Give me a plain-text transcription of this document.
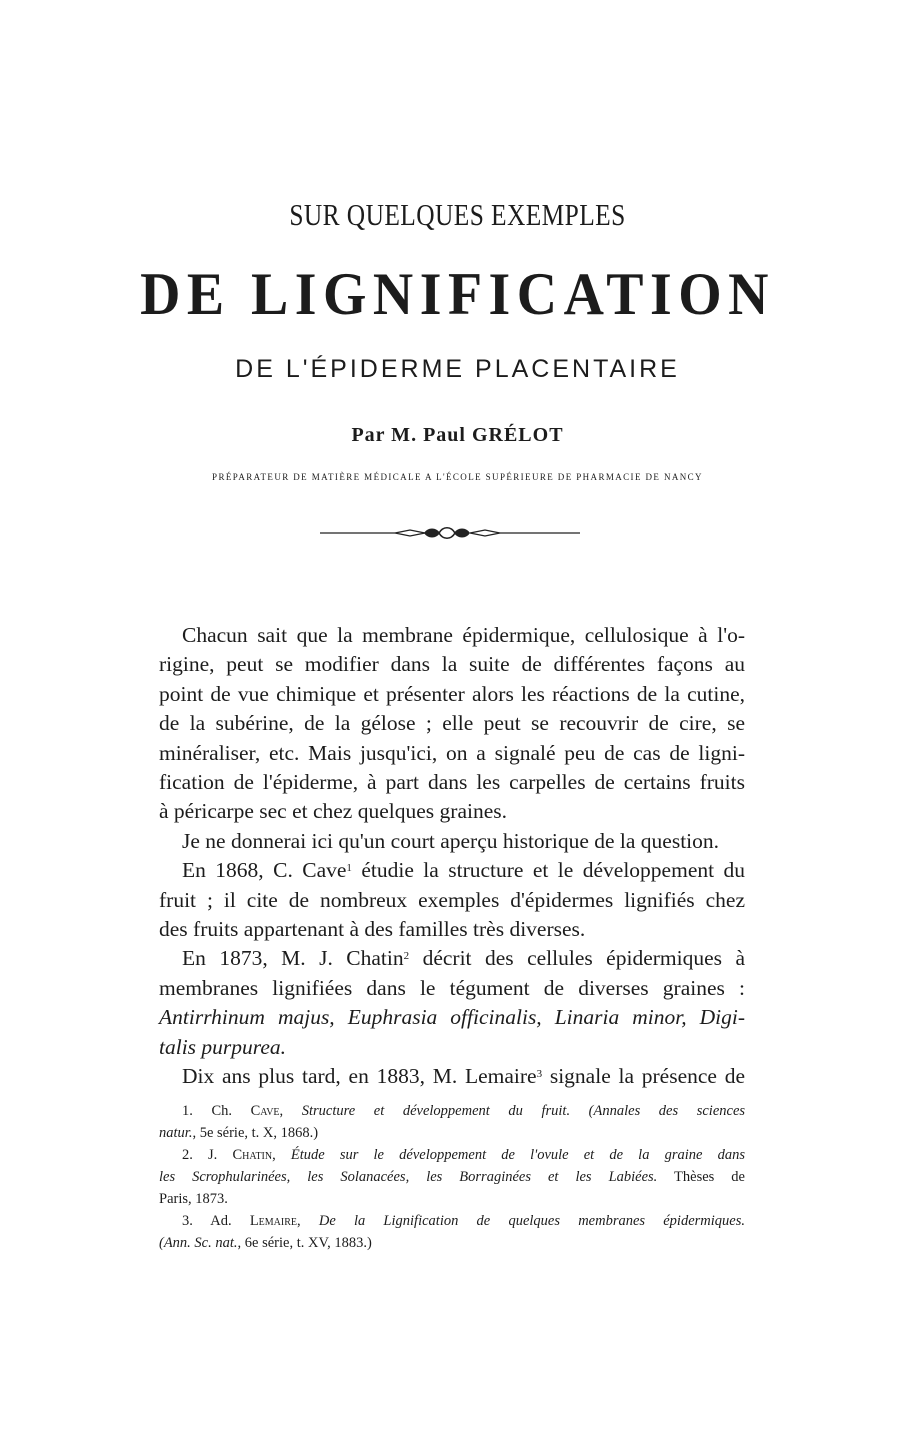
SUR QUELQUES EXEMPLES
DE LIGNIFICATION
DE L'ÉPIDERME PLACENTAIRE
Par M. Paul GRÉLOT
PRÉPARATEUR DE MATIÈRE MÉDICALE A L'ÉCOLE SUPÉRIEURE DE PHARMACIE DE NANCY

Chacun sait que la membrane épidermique, cellulosique à l'o-

rigine, peut se modifier dans la suite de différentes façons au

point de vue chimique et présenter alors les réactions de la cutine,

de la subérine, de la gélose ; elle peut se recouvrir de cire, se

minéraliser, etc. Mais jusqu'ici, on a signalé peu de cas de ligni-

fication de l'épiderme, à part dans les carpelles de certains fruits

à péricarpe sec et chez quelques graines.

Je ne donnerai ici qu'un court aperçu historique de la question.

En 1868, C. Cave$^1$ étudie la structure et le développement du

fruit ; il cite de nombreux exemples d'épidermes lignifiés chez

des fruits appartenant à des familles très diverses.

En 1873, M. J. Chatin$^2$ décrit des cellules épidermiques à

membranes lignifiées dans le tégument de diverses graines :

Antirrhinum majus, Euphrasia officinalis, Linaria minor, Digi-

talis purpurea.

Dix ans plus tard, en 1883, M. Lemaire$^3$ signale la présence de

1. Ch. Cave, Structure et développement du fruit. (Annales des sciences

natur., 5e série, t. X, 1868.)

2. J. Chatin, Étude sur le développement de l'ovule et de la graine dans

les Scrophularinées, les Solanacées, les Borraginées et les Labiées. Thèses de

Paris, 1873.

3. Ad. Lemaire, De la Lignification de quelques membranes épidermiques.

(Ann. Sc. nat., 6e série, t. XV, 1883.)
